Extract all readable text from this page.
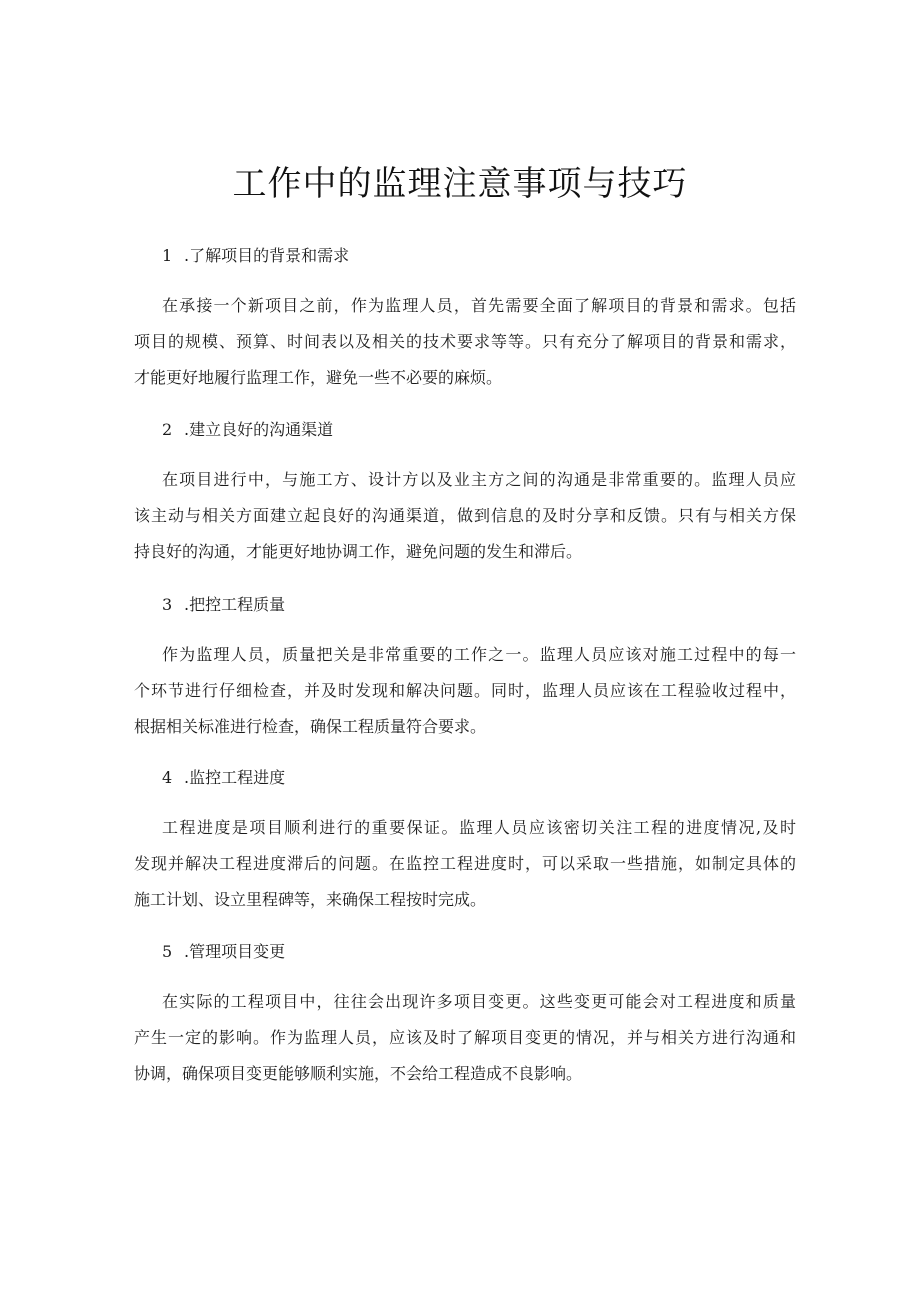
工作中的监理注意事项与技巧
1 .了解项目的背景和需求
在承接一个新项目之前，作为监理人员，首先需要全面了解项目的背景和需求。包括
项目的规模、预算、时间表以及相关的技术要求等等。只有充分了解项目的背景和需求，
才能更好地履行监理工作，避免一些不必要的麻烦。
2 .建立良好的沟通渠道
在项目进行中，与施工方、设计方以及业主方之间的沟通是非常重要的。监理人员应
该主动与相关方面建立起良好的沟通渠道，做到信息的及时分享和反馈。只有与相关方保
持良好的沟通，才能更好地协调工作，避免问题的发生和滞后。
3 .把控工程质量
作为监理人员，质量把关是非常重要的工作之一。监理人员应该对施工过程中的每一
个环节进行仔细检查，并及时发现和解决问题。同时，监理人员应该在工程验收过程中，
根据相关标准进行检查，确保工程质量符合要求。
4 .监控工程进度
工程进度是项目顺利进行的重要保证。监理人员应该密切关注工程的进度情况,及时
发现并解决工程进度滞后的问题。在监控工程进度时，可以采取一些措施，如制定具体的
施工计划、设立里程碑等，来确保工程按时完成。
5 .管理项目变更
在实际的工程项目中，往往会出现许多项目变更。这些变更可能会对工程进度和质量
产生一定的影响。作为监理人员，应该及时了解项目变更的情况，并与相关方进行沟通和
协调，确保项目变更能够顺利实施，不会给工程造成不良影响。
